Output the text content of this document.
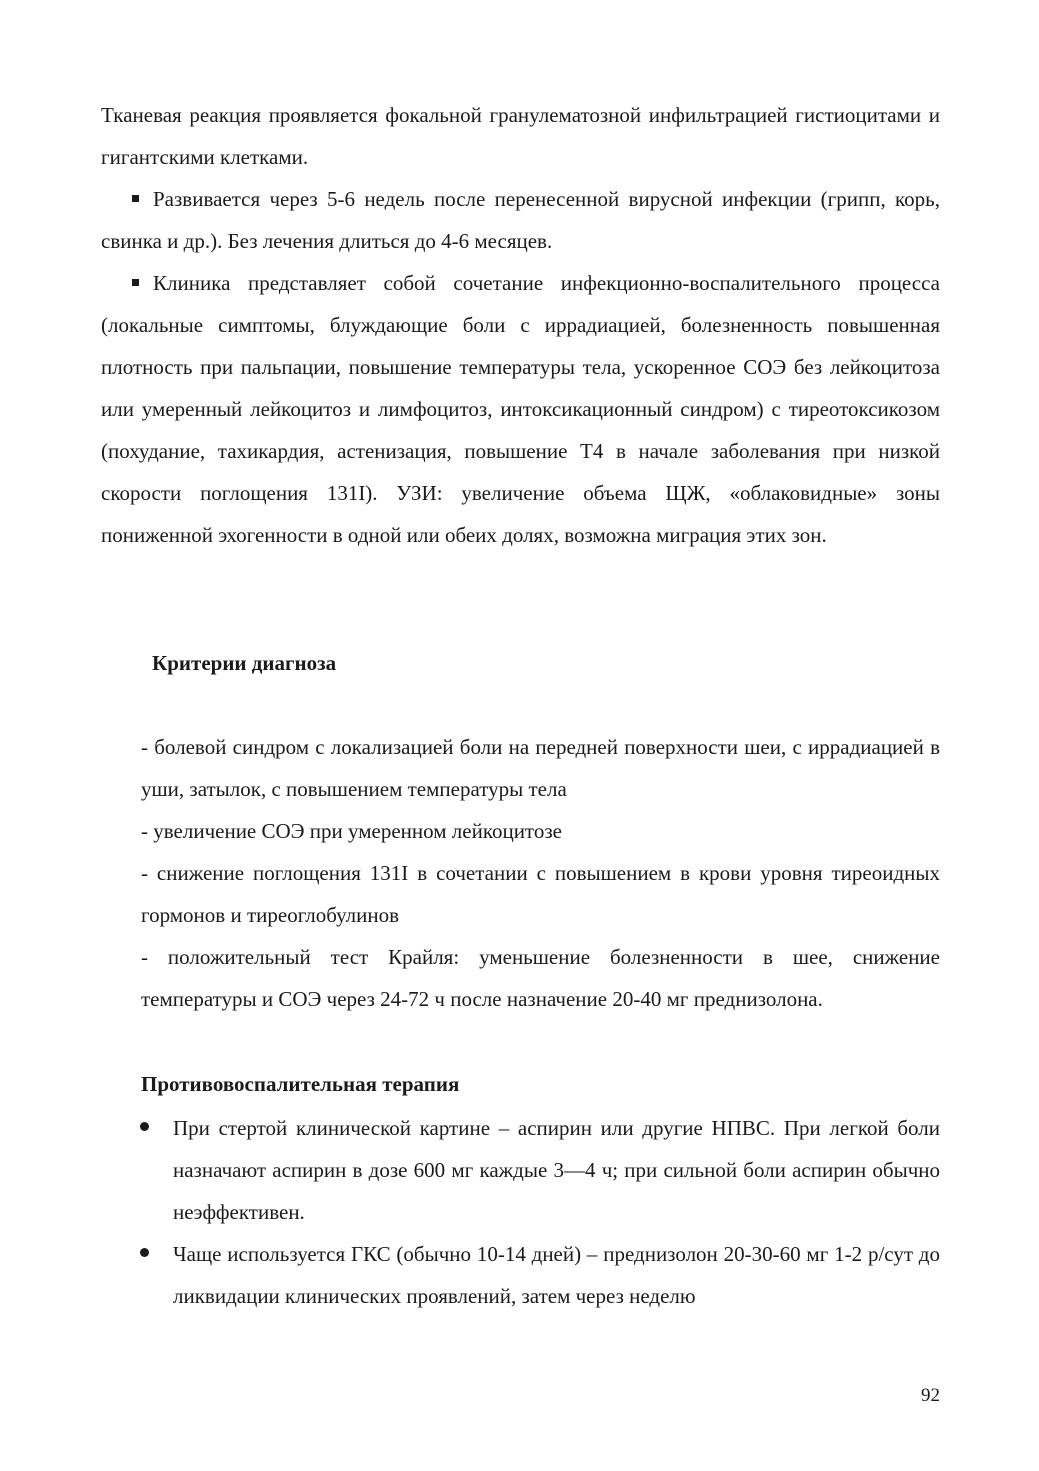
Тканевая реакция проявляется фокальной гранулематозной инфильтрацией гистиоцитами и гигантскими клетками.

Развивается через 5-6 недель после перенесенной вирусной инфекции (грипп, корь, свинка и др.). Без лечения длиться до 4-6 месяцев.

Клиника представляет собой сочетание инфекционно-воспалительного процесса (локальные симптомы, блуждающие боли с иррадиацией, болезненность повышенная плотность при пальпации, повышение температуры тела, ускоренное СОЭ без лейкоцитоза или умеренный лейкоцитоз и лимфоцитоз, интоксикационный синдром) с тиреотоксикозом (похудание, тахикардия, астенизация, повышение Т4 в начале заболевания при низкой скорости поглощения 131I). УЗИ: увеличение объема ЩЖ, «облаковидные» зоны пониженной эхогенности в одной или обеих долях, возможна миграция этих зон.

Критерии диагноза

- болевой синдром с локализацией боли на передней поверхности шеи, с иррадиацией в уши, затылок, с повышением температуры тела

- увеличение СОЭ при умеренном лейкоцитозе

- снижение поглощения 131I в сочетании с повышением в крови уровня тиреоидных гормонов и тиреоглобулинов

- положительный тест Крайля: уменьшение болезненности в шее, снижение температуры и СОЭ через 24-72 ч после назначение 20-40 мг преднизолона.

Противовоспалительная терапия
При стертой клинической картине – аспирин или другие НПВС. При легкой боли назначают аспирин в дозе 600 мг каждые 3—4 ч; при сильной боли аспирин обычно неэффективен.
Чаще используется ГКС (обычно 10-14 дней) – преднизолон 20-30-60 мг 1-2 р/сут до ликвидации клинических проявлений, затем через неделю
92
